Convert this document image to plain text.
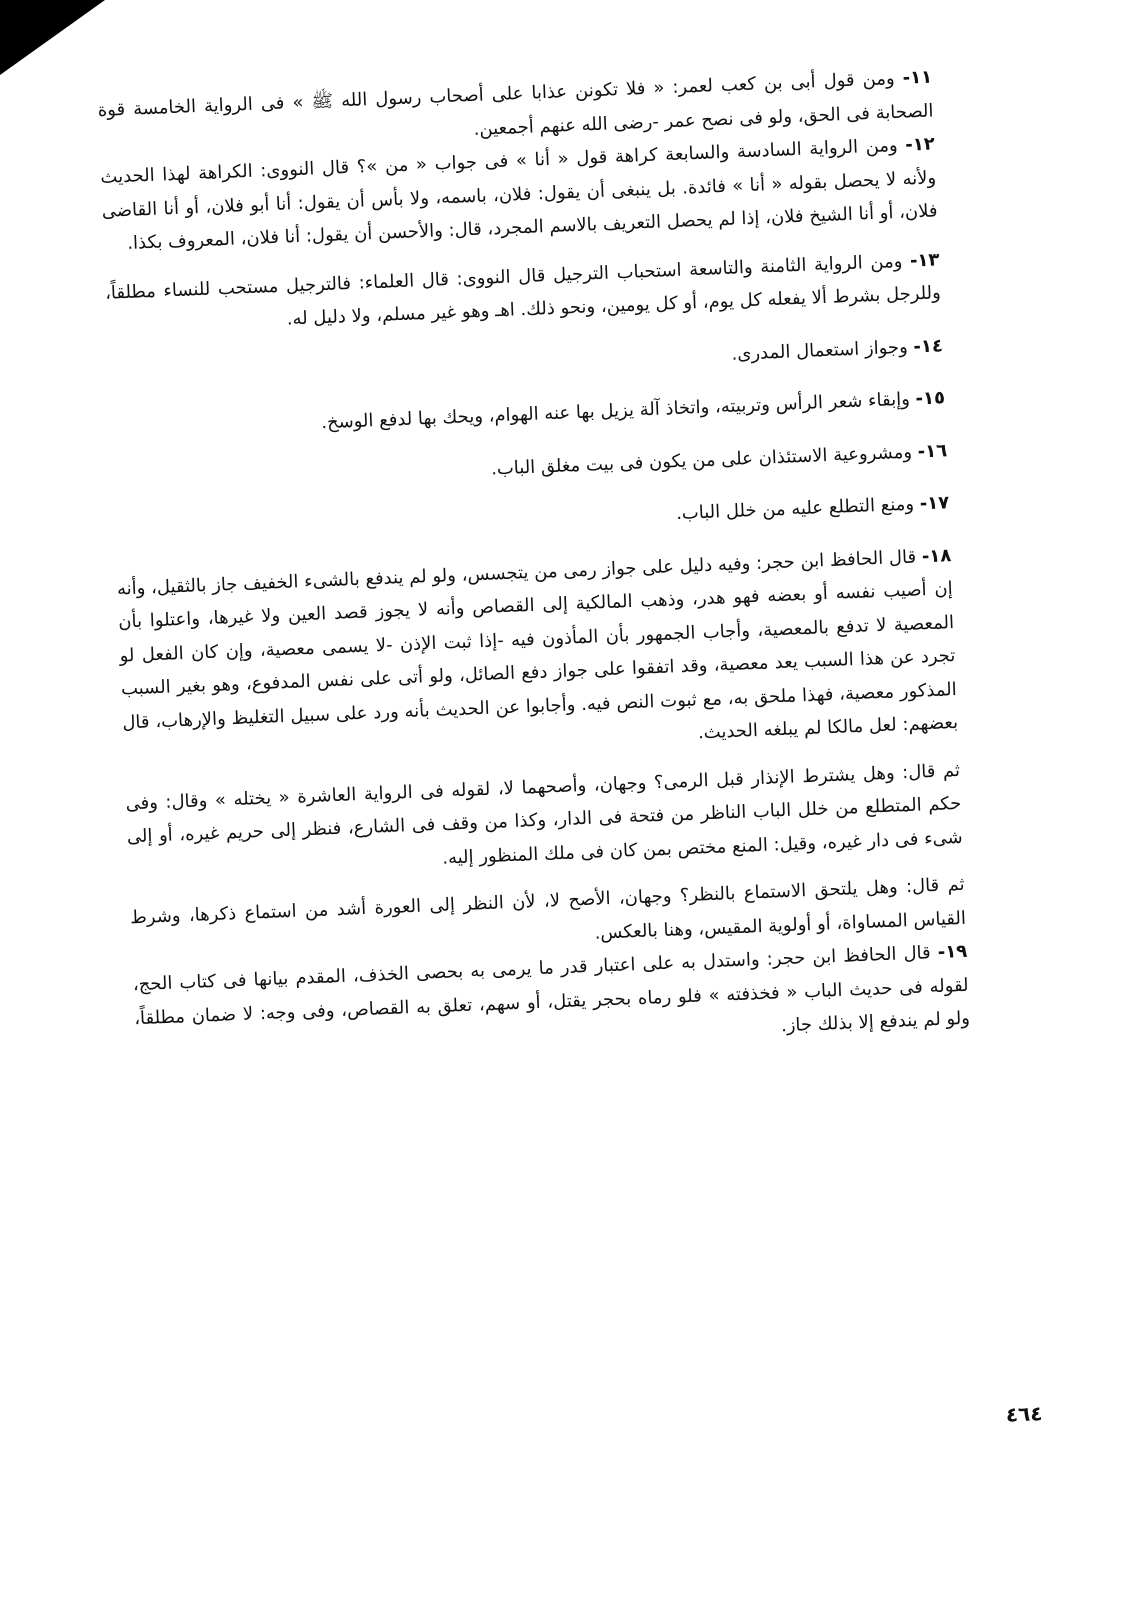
١١- ومن قول أبى بن كعب لعمر: « فلا تكونن عذابا على أصحاب رسول الله ﷺ » فى الرواية الخامسة قوة الصحابة فى الحق، ولو فى نصح عمر -رضى الله عنهم أجمعين.

١٢- ومن الرواية السادسة والسابعة كراهة قول « أنا » فى جواب « من »؟ قال النووى: الكراهة لهذا الحديث ولأنه لا يحصل بقوله « أنا » فائدة. بل ينبغى أن يقول: فلان، باسمه، ولا بأس أن يقول: أنا أبو فلان، أو أنا القاضى فلان، أو أنا الشيخ فلان، إذا لم يحصل التعريف بالاسم المجرد، قال: والأحسن أن يقول: أنا فلان، المعروف بكذا.

١٣- ومن الرواية الثامنة والتاسعة استحباب الترجيل قال النووى: قال العلماء: فالترجيل مستحب للنساء مطلقاً، وللرجل بشرط ألا يفعله كل يوم، أو كل يومين، ونحو ذلك. اهـ وهو غير مسلم، ولا دليل له.

١٤- وجواز استعمال المدرى.

١٥- وإبقاء شعر الرأس وتربيته، واتخاذ آلة يزيل بها عنه الهوام، ويحك بها لدفع الوسخ.

١٦- ومشروعية الاستئذان على من يكون فى بيت مغلق الباب.

١٧- ومنع التطلع عليه من خلل الباب.

١٨- قال الحافظ ابن حجر: وفيه دليل على جواز رمى من يتجسس، ولو لم يندفع بالشىء الخفيف جاز بالثقيل، وأنه إن أصيب نفسه أو بعضه فهو هدر، وذهب المالكية إلى القصاص وأنه لا يجوز قصد العين ولا غيرها، واعتلوا بأن المعصية لا تدفع بالمعصية، وأجاب الجمهور بأن المأذون فيه -إذا ثبت الإذن -لا يسمى معصية، وإن كان الفعل لو تجرد عن هذا السبب يعد معصية، وقد اتفقوا على جواز دفع الصائل، ولو أتى على نفس المدفوع، وهو بغير السبب المذكور معصية، فهذا ملحق به، مع ثبوت النص فيه. وأجابوا عن الحديث بأنه ورد على سبيل التغليظ والإرهاب، قال بعضهم: لعل مالكا لم يبلغه الحديث.

ثم قال: وهل يشترط الإنذار قبل الرمى؟ وجهان، وأصحهما لا، لقوله فى الرواية العاشرة « يختله » وقال: وفى حكم المتطلع من خلل الباب الناظر من فتحة فى الدار، وكذا من وقف فى الشارع، فنظر إلى حريم غيره، أو إلى شىء فى دار غيره، وقيل: المنع مختص بمن كان فى ملك المنظور إليه.

ثم قال: وهل يلتحق الاستماع بالنظر؟ وجهان، الأصح لا، لأن النظر إلى العورة أشد من استماع ذكرها، وشرط القياس المساواة، أو أولوية المقيس، وهنا بالعكس.

١٩- قال الحافظ ابن حجر: واستدل به على اعتبار قدر ما يرمى به بحصى الخذف، المقدم بيانها فى كتاب الحج، لقوله فى حديث الباب « فخذفته » فلو رماه بحجر يقتل، أو سهم، تعلق به القصاص، وفى وجه: لا ضمان مطلقاً، ولو لم يندفع إلا بذلك جاز.

٤٦٤
